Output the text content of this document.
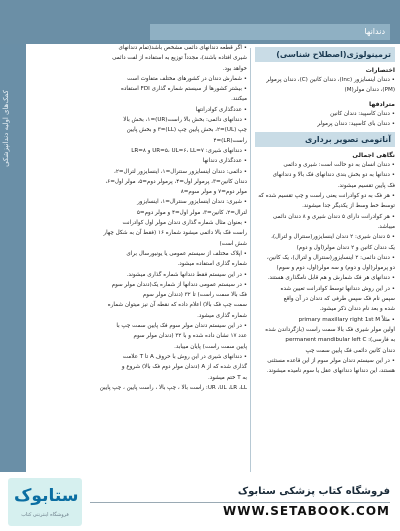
دندانها
کمک‌های اولیه دندانپزشکی
• اگر قطعه دندانهای دائمی مشخص باشد(تمام دندانهای
شیری افتاده باشند)، مجدداً توزیع به استفاده از لفت دائمی
خواهد بود.
• شمارش دندان در کشورهای مختلف متفاوت است
• بیشتر کشورها از سیستم شماره گذاری FDI استفاده
میکنند.
• عددگذاری کوادرانتها
• دندانهای دائمی: بخش بالا راست(UR)=۱، بخش بالا
چپ (UL)=۲، بخش پایین چپ (LL)=۳ و بخش پایین
راست(LR)=۴
• دندانهای شیری: UR=۵، UL=۶، LL=۷ و LR=۸
• عددگذاری دندانها
• دائمی: دندان اینسایزور سنترال=۱، اینسایزور لترال=۲،
دندان کانین=۳، پرمولر اول=۴، پرمولر دوم=۵، مولر اول=۶،
مولر دوم=۷ و مولر سوم=۸
• شیری: دندان اینسایزور سنترال=۱، اینسایزور
لترال=۲، کانین=۳، مولر اول=۴ و مولر دوم=۵
• بعنوان مثال شماره گذاری دندان مولر اول کوادرانت
راست فک بالا دائمی میشود شماره ۱۶ (فقط آن به شکل چهار
شش است)
• اپلاک مختلف از سیستم عمومی یا یونیورسال برای
شماره گذاری استفاده میشود.
• در این سیستم فقط دندانها شماره گذاری میشوند.
• در سیستم عمومی دندانها از شماره یک(دندان مولر سوم
فک بالا سمت راست) تا ۳۲ (دندان مولر سوم
سمت چپ فک بالا) اعلام داده که نقطه آن نیز میتوان شماره
شماره گذاری میشود.
• در این سیستم دندان مولر سوم فک پایین سمت چپ با
عدد ۱۷ نشان داده شده و با ۳۲ (دندان مولر سوم
پایین سمت راست) پایان مییابد.
• دندانهای شیری در این روش با حروف A تا T علامت
گذاری شده که از A (دندان مولر دوم فک بالا) شروع و
به T ختم میشود.
UR ،UL ،LR ،LL: راست بالا ، چپ بالا ، راست پایین ، چپ پایین
ترمینولوژی(اصطلاح شناسی)
اختصارات
• دندان اینسایزور (Inc)، دندان کانین (C)، دندان پرمولر
(PM)، دندان مولر(M)
مترادفها
• دندان کاسپید: دندان کانین
• دندان بای کاسپید: دندان پرمولر
آناتومی تصویر برداری
نگاهی اجمالی
• دندان انسان به دو حالت است: شیری و دائمی
• دندانها به دو بخش بندی دندانهای فک بالا و دندانهای
فک پایین تقسیم میشوند.
• هر فک به دو کوادرانت یعنی راست و چپ تقسیم شده که
توسط خط وسط از یکدیگر جدا میشوند.
• هر کوادرانت دارای ۵ دندان شیری و ۸ دندان دائمی
میباشد.
• ۵ دندان شیری: ۲ دندان اینسایزور(سنترال و لترال)،
یک دندان کانین و ۲ دندان مولر(اول و دوم)
• دندان دائمی: ۲ اینسایزور(سنترال و لترال)، یک کانین،
دو پرمولر(اول و دوم) و سه مولر(اول، دوم و سوم)
• دندانهای هر فک شمارش و هم قابل نامگذاری هستند.
• در این روش دندانها توسط کوادرانت تعیین شده
سپس نام فک سپس طرفی که دندان در آن واقع
شده و بعد نام دندان ذکر میشود.
• مثلاً primary maxillary right 1st M
اولین مولر شیری فک بالا سمت راست (بازگرداندن شده
به فارسی): permanent mandibular left C
دندان کانین دائمی فک پایین سمت چپ
• در این سیستم دندان مولر سوم از این قاعده مستثنی
هستند، این دندانها دندانهای عقل یا سوم نامیده میشوند.
ستابوک
فروشگاه اینترنتی کتاب
فروشگاه کتاب پزشکی ستابوک
WWW.SETABOOK.COM
